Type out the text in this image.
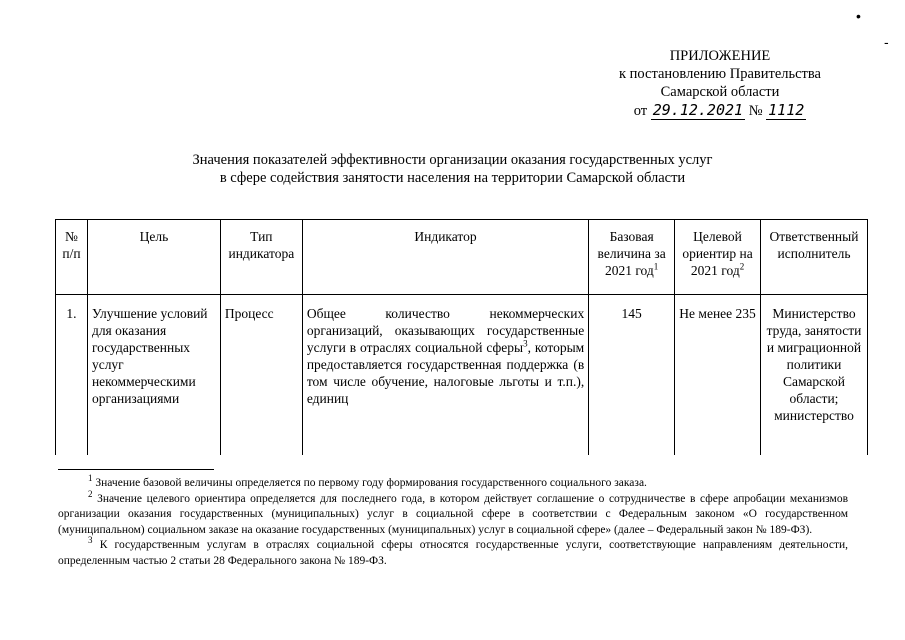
•
-
ПРИЛОЖЕНИЕ
к постановлению Правительства
Самарской области
от 29.12.2021 № 1112
Значения показателей эффективности организации оказания государственных услуг
в сфере содействия занятости населения на территории Самарской области
№ п/п	Цель	Тип индикатора	Индикатор	Базовая величина за 2021 год$^1$	Целевой ориентир на 2021 год$^2$	Ответственный исполнитель
1.	Улучшение условий для оказания государственных услуг некоммерческими организациями	Процесс	Общее количество некоммерческих организаций, оказывающих государственные услуги в отраслях социальной сферы$^3$, которым предоставляется государственная поддержка (в том числе обучение, налоговые льготы и т.п.), единиц	145	Не менее 235	Министерство труда, занятости и миграционной политики Самарской области; министерство

$^1$ Значение базовой величины определяется по первому году формирования государственного социального заказа.

$^2$ Значение целевого ориентира определяется для последнего года, в котором действует соглашение о сотрудничестве в сфере апробации механизмов организации оказания государственных (муниципальных) услуг в социальной сфере в соответствии с Федеральным законом «О государственном (муниципальном) социальном заказе на оказание государственных (муниципальных) услуг в социальной сфере» (далее – Федеральный закон № 189-ФЗ).

$^3$ К государственным услугам в отраслях социальной сферы относятся государственные услуги, соответствующие направлениям деятельности, определенным частью 2 статьи 28 Федерального закона № 189-ФЗ.
